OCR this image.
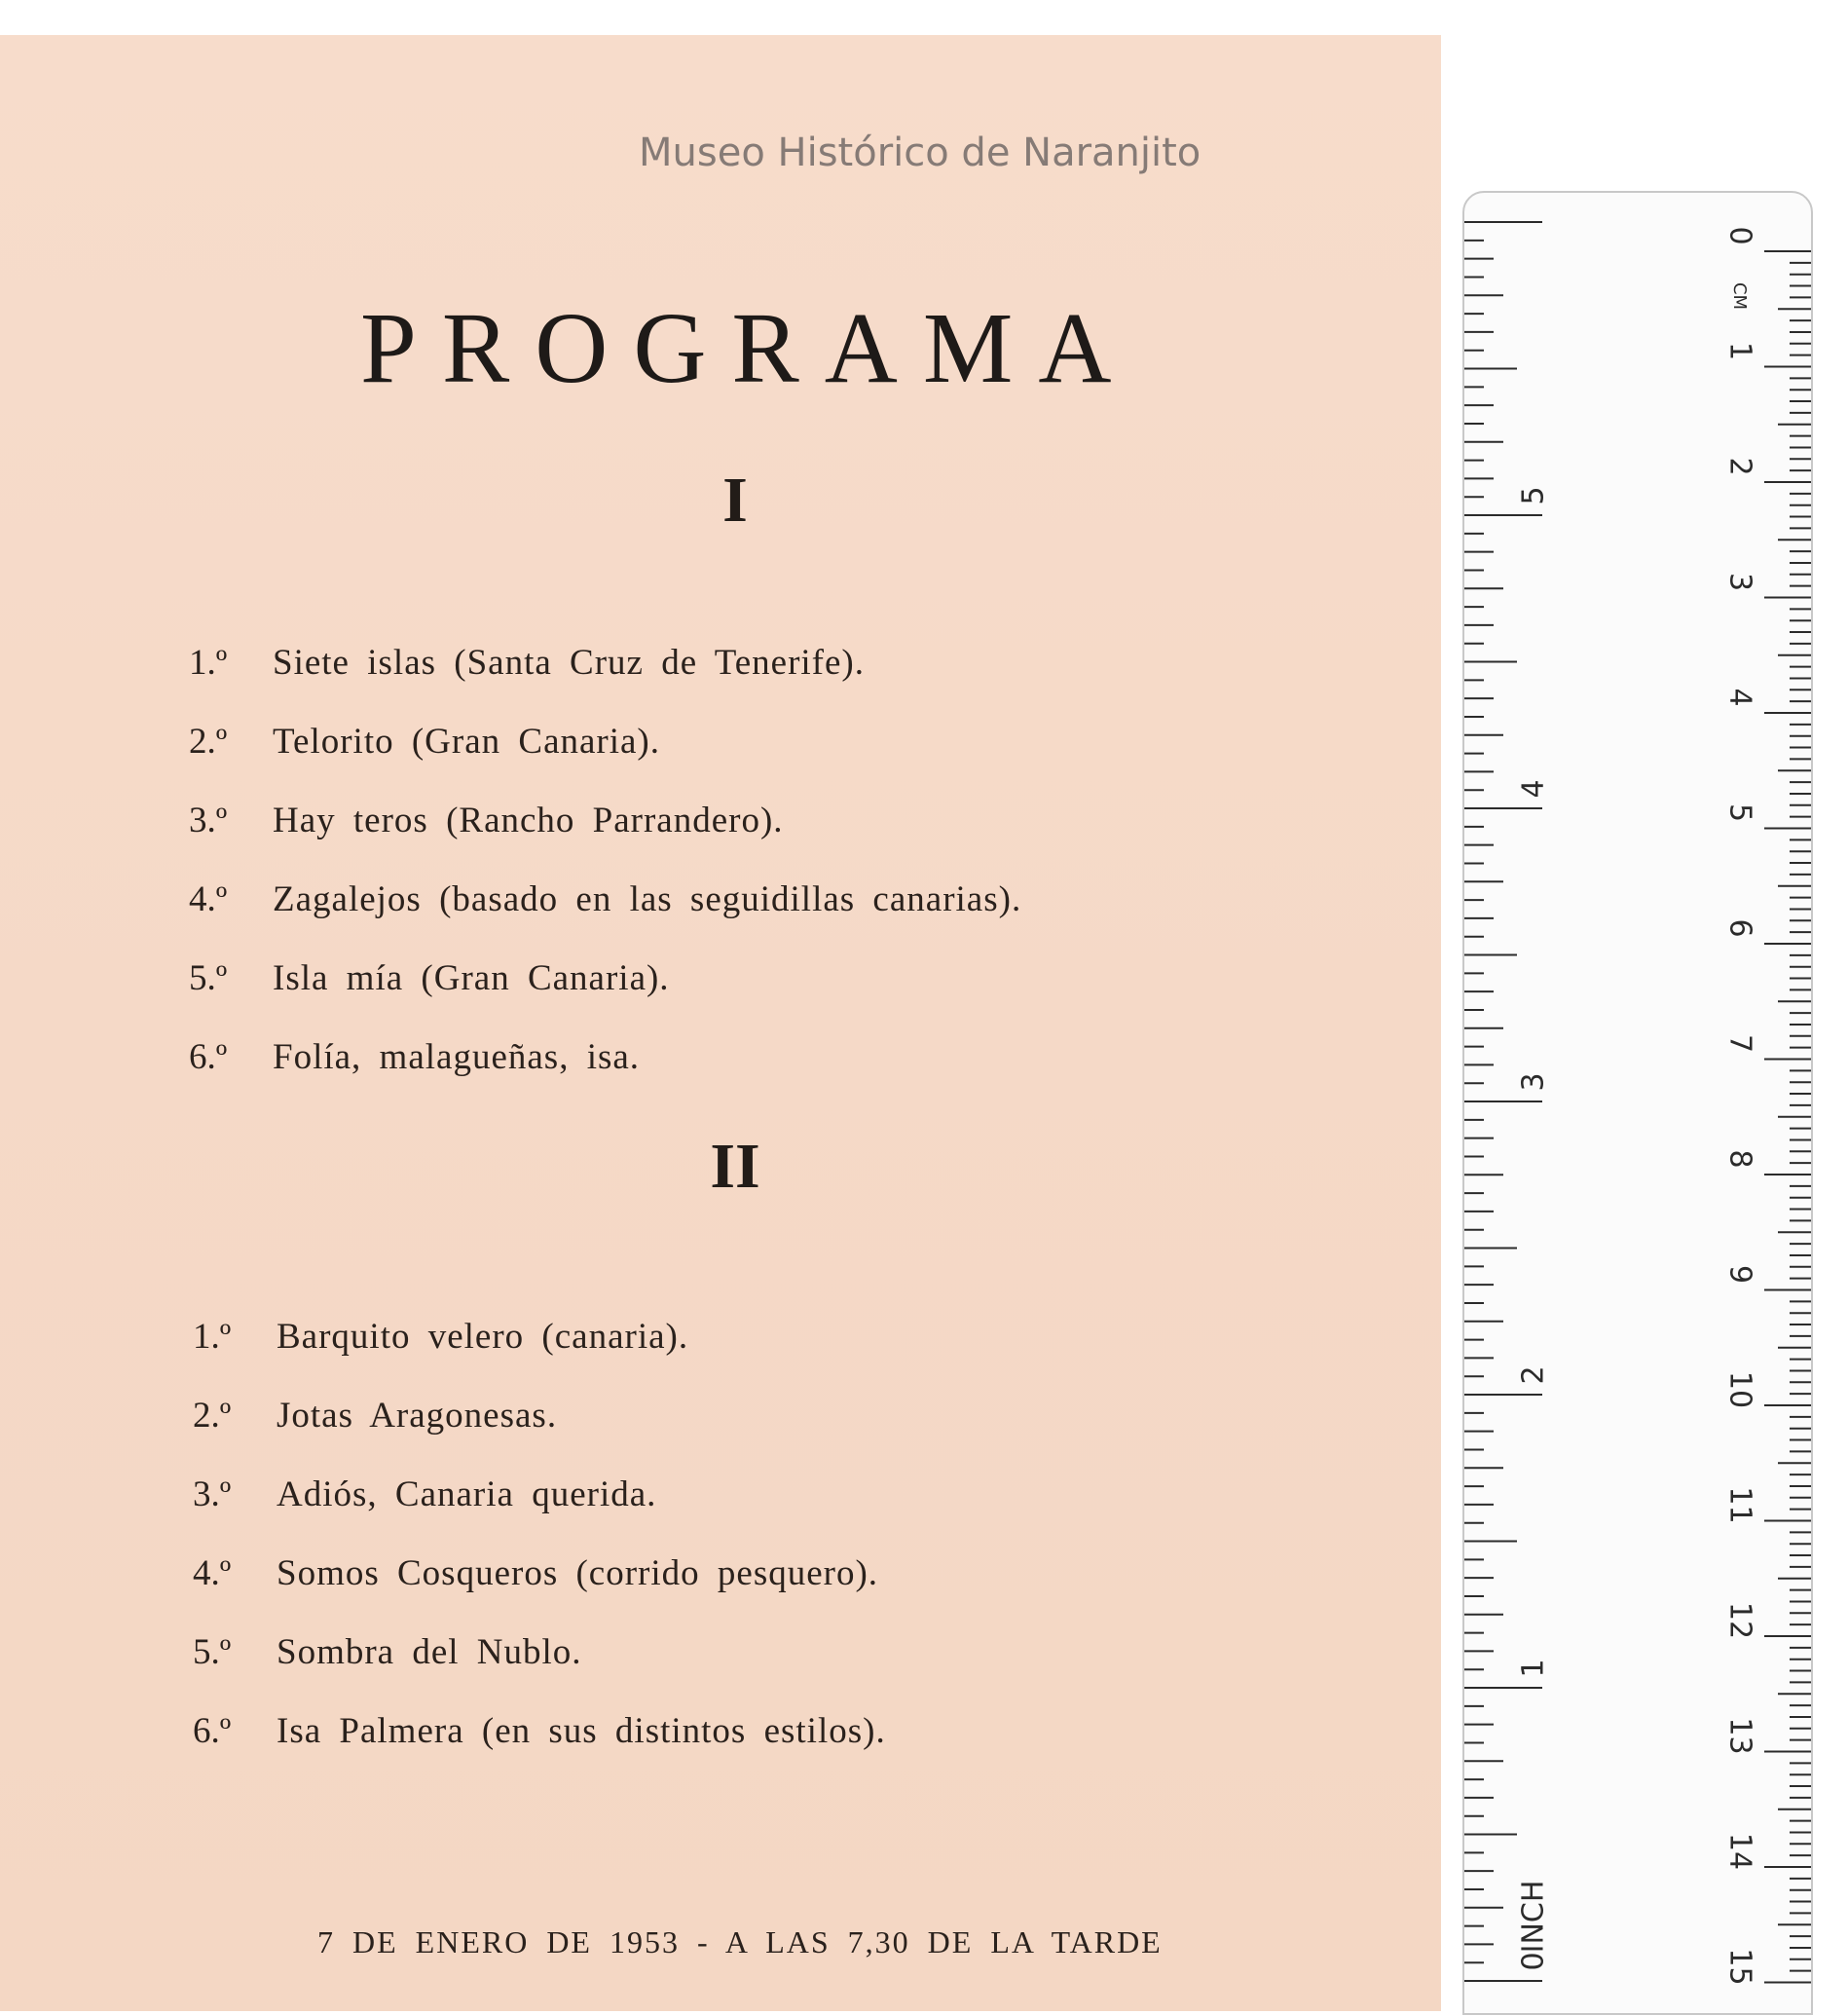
Museo Histórico de Naranjito
PROGRAMA
I
1.º	Siete islas (Santa Cruz de Tenerife).
2.º	Telorito (Gran Canaria).
3.º	Hay teros (Rancho Parrandero).
4.º	Zagalejos (basado en las seguidillas canarias).
5.º	Isla mía (Gran Canaria).
6.º	Folía, malagueñas, isa.
II
1.º	Barquito velero (canaria).
2.º	Jotas Aragonesas.
3.º	Adiós, Canaria querida.
4.º	Somos Cosqueros (corrido pesquero).
5.º	Sombra del Nublo.
6.º	Isa Palmera (en sus distintos estilos).
7 DE ENERO DE 1953 - A LAS 7,30 DE LA TARDE
0
1
2
3
4
5
6
7
8
9
10
11
12
13
14
15
CM
0
1
2
3
4
5
INCH
